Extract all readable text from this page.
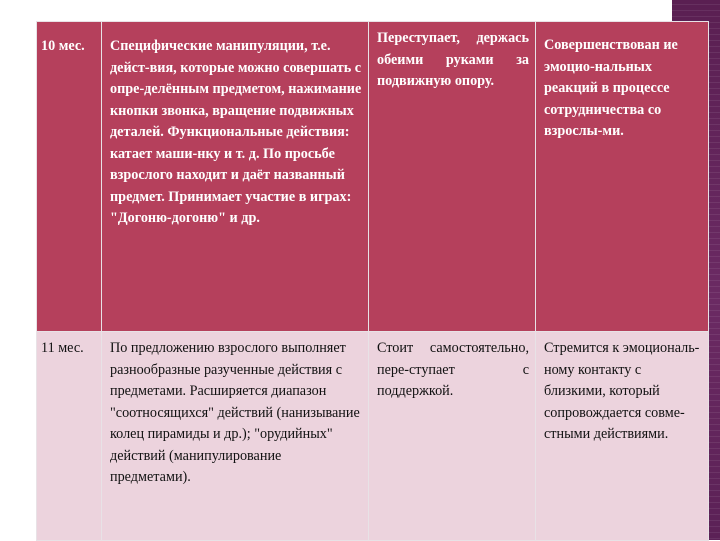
10 мес.	Специфические манипуляции, т.е. дейст-вия, которые можно совершать с опре-делённым предметом, нажимание кнопки звонка, вращение подвижных деталей. Функциональные действия: катает маши-нку и т. д. По просьбе взрослого находит и даёт названный предмет. Принимает участие в играх: "Догоню-догоню" и др.	Переступает, держась обеими руками за подвижную опору.	Совершенствован ие эмоцио-нальных реакций в процессе сотрудничества со взрослы-ми.
11 мес.	По предложению взрослого выполняет разнообразные разученные действия с предметами. Расширяется диапазон "соотносящихся" действий (нанизывание колец пирамиды и др.); "орудийных" действий (манипулирование предметами).	Стоит самостоятельно, пере-ступает с поддержкой.	Стремится к эмоциональ-ному контакту с близкими, который сопровождается совме-стными действиями.
